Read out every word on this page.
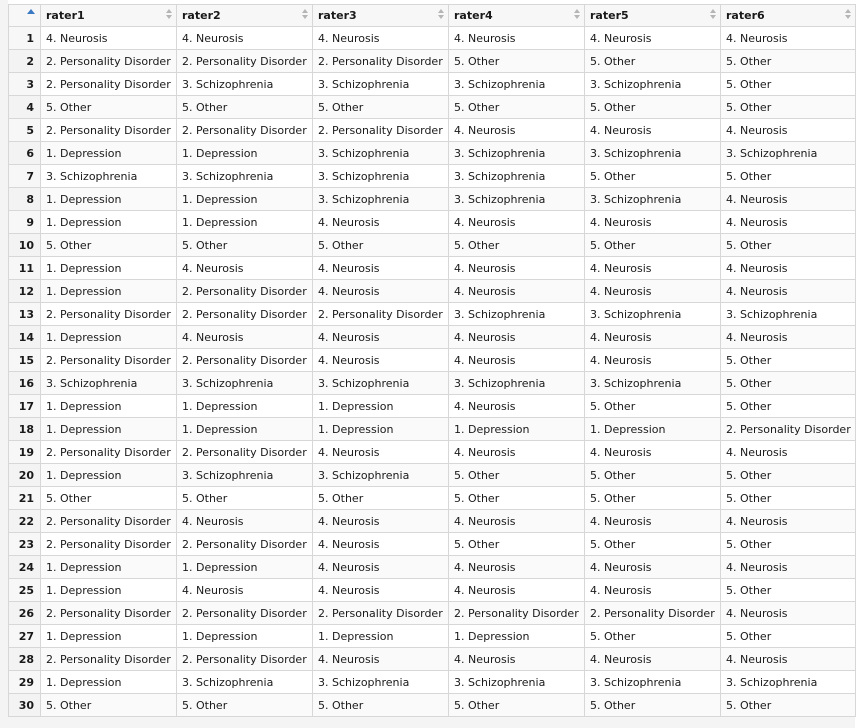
	rater1	rater2	rater3	rater4	rater5	rater6

1	4. Neurosis	4. Neurosis	4. Neurosis	4. Neurosis	4. Neurosis	4. Neurosis
2	2. Personality Disorder	2. Personality Disorder	2. Personality Disorder	5. Other	5. Other	5. Other
3	2. Personality Disorder	3. Schizophrenia	3. Schizophrenia	3. Schizophrenia	3. Schizophrenia	5. Other
4	5. Other	5. Other	5. Other	5. Other	5. Other	5. Other
5	2. Personality Disorder	2. Personality Disorder	2. Personality Disorder	4. Neurosis	4. Neurosis	4. Neurosis
6	1. Depression	1. Depression	3. Schizophrenia	3. Schizophrenia	3. Schizophrenia	3. Schizophrenia
7	3. Schizophrenia	3. Schizophrenia	3. Schizophrenia	3. Schizophrenia	5. Other	5. Other
8	1. Depression	1. Depression	3. Schizophrenia	3. Schizophrenia	3. Schizophrenia	4. Neurosis
9	1. Depression	1. Depression	4. Neurosis	4. Neurosis	4. Neurosis	4. Neurosis
10	5. Other	5. Other	5. Other	5. Other	5. Other	5. Other
11	1. Depression	4. Neurosis	4. Neurosis	4. Neurosis	4. Neurosis	4. Neurosis
12	1. Depression	2. Personality Disorder	4. Neurosis	4. Neurosis	4. Neurosis	4. Neurosis
13	2. Personality Disorder	2. Personality Disorder	2. Personality Disorder	3. Schizophrenia	3. Schizophrenia	3. Schizophrenia
14	1. Depression	4. Neurosis	4. Neurosis	4. Neurosis	4. Neurosis	4. Neurosis
15	2. Personality Disorder	2. Personality Disorder	4. Neurosis	4. Neurosis	4. Neurosis	5. Other
16	3. Schizophrenia	3. Schizophrenia	3. Schizophrenia	3. Schizophrenia	3. Schizophrenia	5. Other
17	1. Depression	1. Depression	1. Depression	4. Neurosis	5. Other	5. Other
18	1. Depression	1. Depression	1. Depression	1. Depression	1. Depression	2. Personality Disorder
19	2. Personality Disorder	2. Personality Disorder	4. Neurosis	4. Neurosis	4. Neurosis	4. Neurosis
20	1. Depression	3. Schizophrenia	3. Schizophrenia	5. Other	5. Other	5. Other
21	5. Other	5. Other	5. Other	5. Other	5. Other	5. Other
22	2. Personality Disorder	4. Neurosis	4. Neurosis	4. Neurosis	4. Neurosis	4. Neurosis
23	2. Personality Disorder	2. Personality Disorder	4. Neurosis	5. Other	5. Other	5. Other
24	1. Depression	1. Depression	4. Neurosis	4. Neurosis	4. Neurosis	4. Neurosis
25	1. Depression	4. Neurosis	4. Neurosis	4. Neurosis	4. Neurosis	5. Other
26	2. Personality Disorder	2. Personality Disorder	2. Personality Disorder	2. Personality Disorder	2. Personality Disorder	4. Neurosis
27	1. Depression	1. Depression	1. Depression	1. Depression	5. Other	5. Other
28	2. Personality Disorder	2. Personality Disorder	4. Neurosis	4. Neurosis	4. Neurosis	4. Neurosis
29	1. Depression	3. Schizophrenia	3. Schizophrenia	3. Schizophrenia	3. Schizophrenia	3. Schizophrenia
30	5. Other	5. Other	5. Other	5. Other	5. Other	5. Other
